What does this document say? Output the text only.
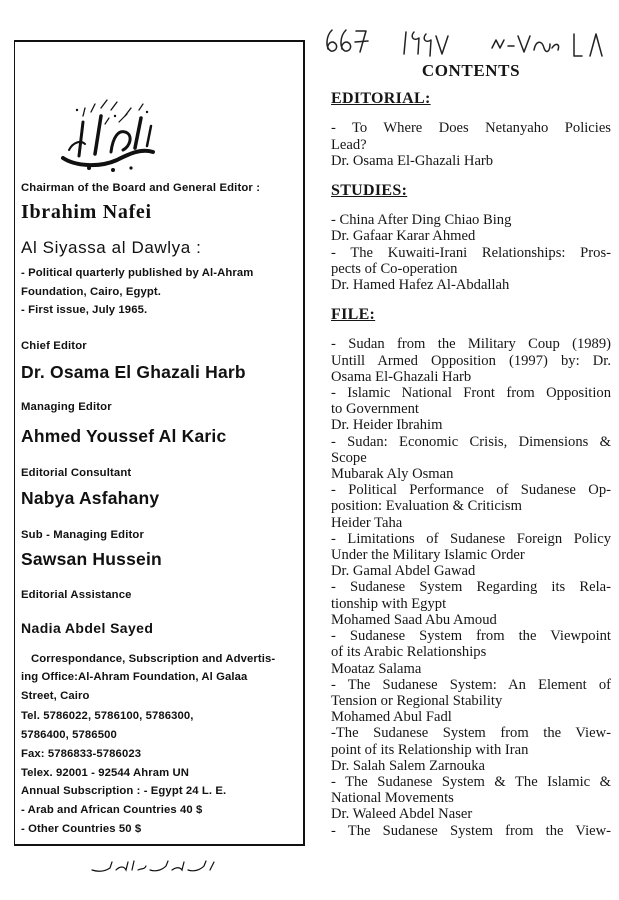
Chairman of the Board and General Editor :
Ibrahim Nafei
Al Siyassa al Dawlya :
- Political quarterly published by Al-Ahram
Foundation, Cairo, Egypt.
- First issue, July 1965.
Chief Editor
Dr. Osama El Ghazali Harb
Managing Editor
Ahmed Youssef Al Karic
Editorial Consultant
Nabya Asfahany
Sub - Managing Editor
Sawsan Hussein
Editorial Assistance
Nadia Abdel Sayed
Correspondance, Subscription and Advertis-
ing Office:Al-Ahram Foundation, Al Galaa
Street, Cairo
Tel. 5786022, 5786100, 5786300,
5786400, 5786500
Fax: 5786833-5786023
Telex. 92001 - 92544 Ahram UN
Annual Subscription : - Egypt 24 L. E.
- Arab and African Countries 40 $
- Other Countries 50 $
CONTENTS
EDITORIAL:
- To Where Does Netanyaho Policies
Lead?
Dr. Osama El-Ghazali Harb
STUDIES:
- China After Ding Chiao Bing
Dr. Gafaar Karar Ahmed
- The Kuwaiti-Irani Relationships: Pros-
pects of Co-operation
Dr. Hamed Hafez Al-Abdallah
FILE:
- Sudan from the Military Coup (1989)
Untill Armed Opposition (1997) by: Dr.
Osama El-Ghazali Harb
- Islamic National Front from Opposition
to Government
Dr. Heider Ibrahim
- Sudan: Economic Crisis, Dimensions &
Scope
Mubarak Aly Osman
- Political Performance of Sudanese Op-
position: Evaluation & Criticism
Heider Taha
- Limitations of Sudanese Foreign Policy
Under the Military Islamic Order
Dr. Gamal Abdel Gawad
- Sudanese System Regarding its Rela-
tionship with Egypt
Mohamed Saad Abu Amoud
- Sudanese System from the Viewpoint
of its Arabic Relationships
Moataz Salama
- The Sudanese System: An Element of
Tension or Regional Stability
Mohamed Abul Fadl
-The Sudanese System from the View-
point of its Relationship with Iran
Dr. Salah Salem Zarnouka
- The Sudanese System & The Islamic &
National Movements
Dr. Waleed Abdel Naser
- The Sudanese System from the View-
